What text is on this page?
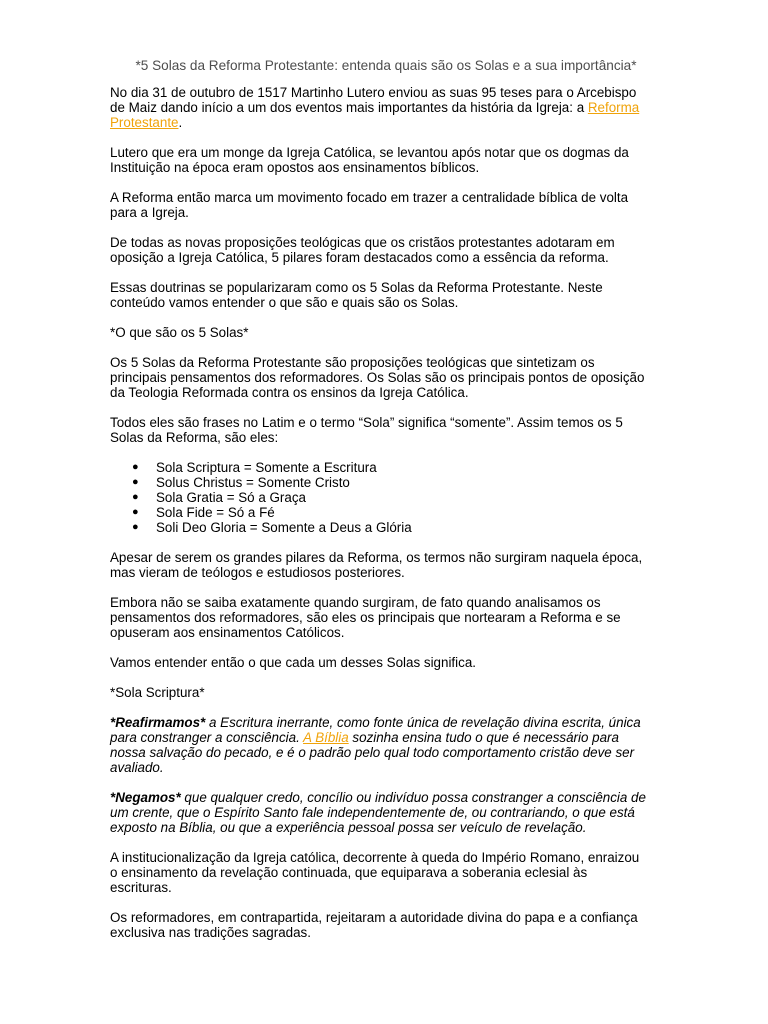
*5 Solas da Reforma Protestante: entenda quais são os Solas e a sua importância*

No dia 31 de outubro de 1517 Martinho Lutero enviou as suas 95 teses para o Arcebispo de Maiz dando início a um dos eventos mais importantes da história da Igreja: a Reforma Protestante.

Lutero que era um monge da Igreja Católica, se levantou após notar que os dogmas da Instituição na época eram opostos aos ensinamentos bíblicos.

A Reforma então marca um movimento focado em trazer a centralidade bíblica de volta para a Igreja.

De todas as novas proposições teológicas que os cristãos protestantes adotaram em oposição a Igreja Católica, 5 pilares foram destacados como a essência da reforma.

Essas doutrinas se popularizaram como os 5 Solas da Reforma Protestante. Neste conteúdo vamos entender o que são e quais são os Solas.

*O que são os 5 Solas*

Os 5 Solas da Reforma Protestante são proposições teológicas que sintetizam os principais pensamentos dos reformadores. Os Solas são os principais pontos de oposição da Teologia Reformada contra os ensinos da Igreja Católica.

Todos eles são frases no Latim e o termo “Sola” significa “somente”. Assim temos os 5 Solas da Reforma, são eles:

● Sola Scriptura = Somente a Escritura
● Solus Christus = Somente Cristo
● Sola Gratia = Só a Graça
● Sola Fide = Só a Fé
● Soli Deo Gloria = Somente a Deus a Glória

Apesar de serem os grandes pilares da Reforma, os termos não surgiram naquela época, mas vieram de teólogos e estudiosos posteriores.

Embora não se saiba exatamente quando surgiram, de fato quando analisamos os pensamentos dos reformadores, são eles os principais que nortearam a Reforma e se opuseram aos ensinamentos Católicos.

Vamos entender então o que cada um desses Solas significa.

*Sola Scriptura*

*Reafirmamos* a Escritura inerrante, como fonte única de revelação divina escrita, única para constranger a consciência. A Bíblia sozinha ensina tudo o que é necessário para nossa salvação do pecado, e é o padrão pelo qual todo comportamento cristão deve ser avaliado.

*Negamos* que qualquer credo, concílio ou indivíduo possa constranger a consciência de um crente, que o Espírito Santo fale independentemente de, ou contrariando, o que está exposto na Bíblia, ou que a experiência pessoal possa ser veículo de revelação.

A institucionalização da Igreja católica, decorrente à queda do Império Romano, enraizou o ensinamento da revelação continuada, que equiparava a soberania eclesial às escrituras.

Os reformadores, em contrapartida, rejeitaram a autoridade divina do papa e a confiança exclusiva nas tradições sagradas.
